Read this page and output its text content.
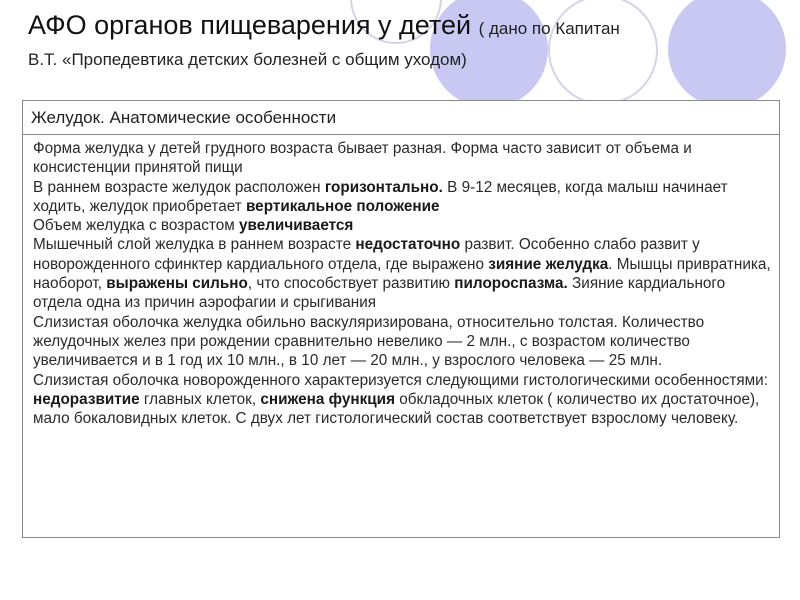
АФО органов пищеварения у детей ( дано по Капитан
В.Т. «Пропедевтика детских болезней с общим уходом)
Желудок. Анатомические особенности

Форма желудка у детей грудного возраста бывает разная. Форма часто зависит от объема и консистенции принятой пищи

В раннем возрасте желудок расположен горизонтально. В 9-12 месяцев, когда малыш начинает ходить, желудок приобретает вертикальное положение

Объем желудка с возрастом увеличивается

Мышечный слой желудка в раннем возрасте недостаточно развит. Особенно слабо развит у новорожденного сфинктер кардиального отдела, где выражено зияние желудка. Мышцы привратника, наоборот, выражены сильно, что способствует развитию пилороспазма. Зияние кардиального отдела одна из причин аэрофагии и срыгивания

Слизистая оболочка желудка обильно васкуляризирована, относительно толстая. Количество желудочных желез при рождении сравнительно невелико — 2 млн., с возрастом количество увеличивается и в 1 год их 10 млн., в 10 лет — 20 млн., у взрослого человека — 25 млн.

Слизистая оболочка новорожденного характеризуется следующими гистологическими особенностями: недоразвитие главных клеток, снижена функция обкладочных клеток ( количество их достаточное), мало бокаловидных клеток. С двух лет гистологический состав соответствует взрослому человеку.
